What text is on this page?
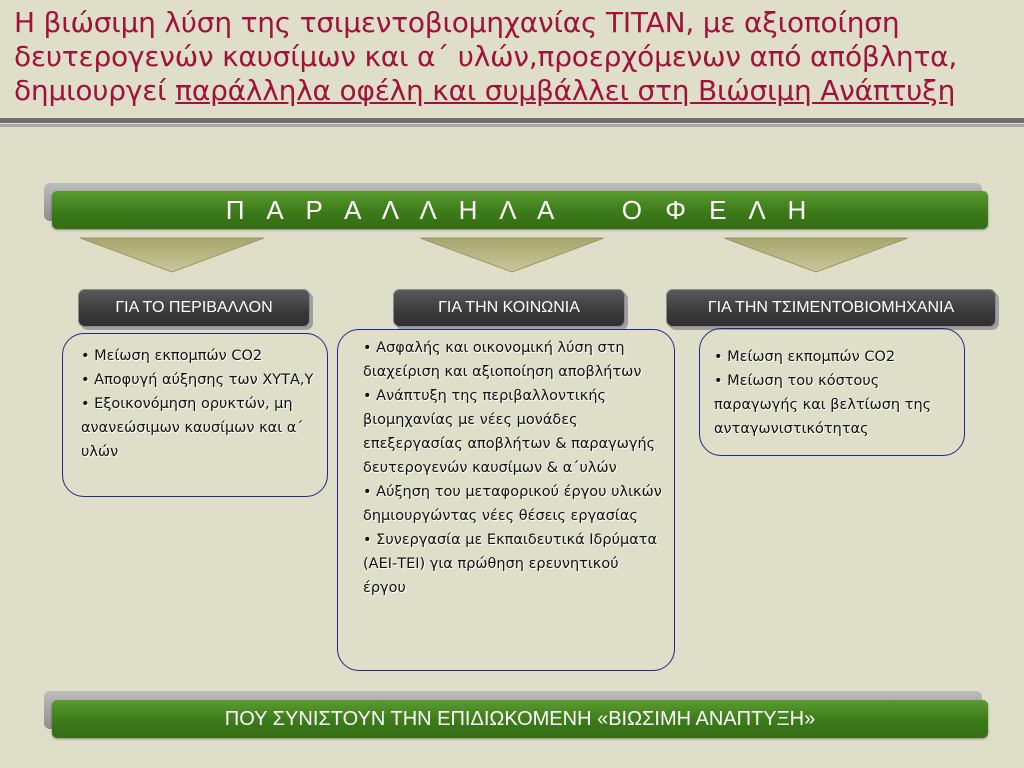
Η βιώσιμη λύση της τσιμεντοβιομηχανίας TITAN, με αξιοποίηση
δευτερογενών καυσίμων και α΄ υλών,προερχόμενων από απόβλητα,
δημιουργεί παράλληλα οφέλη και συμβάλλει στη Βιώσιμη Ανάπτυξη
Π Α Ρ Α Λ Λ Η Λ Α    Ο Φ Ε Λ Η
ΓΙΑ ΤΟ ΠΕΡΙΒΑΛΛΟΝ	ΓΙΑ ΤΗΝ ΚΟΙΝΩΝΙΑ	ΓΙΑ ΤΗΝ ΤΣΙΜΕΝΤΟΒΙΟΜΗΧΑΝΙΑ

• Μείωση εκπομπών CO2

• Αποφυγή αύξησης των ΧΥΤΑ,Υ

• Εξοικονόμηση ορυκτών, μη ανανεώσιμων καυσίμων και α΄ υλών

• Ασφαλής και οικονομική λύση στη διαχείριση και αξιοποίηση αποβλήτων

• Ανάπτυξη της περιβαλλοντικής βιομηχανίας με νέες μονάδες επεξεργασίας αποβλήτων & παραγωγής δευτερογενών καυσίμων & α΄υλών

• Αύξηση του μεταφορικού έργου υλικών δημιουργώντας νέες θέσεις εργασίας

• Συνεργασία με Εκπαιδευτικά Ιδρύματα (ΑΕΙ-ΤΕΙ) για πρώθηση ερευνητικού έργου

• Μείωση εκπομπών CO2

• Μείωση του κόστους παραγωγής και βελτίωση της ανταγωνιστικότητας

ΠΟΥ ΣΥΝΙΣΤΟΥΝ ΤΗΝ ΕΠΙΔΙΩΚΟΜΕΝΗ «ΒΙΩΣΙΜΗ ΑΝΑΠΤΥΞΗ»
